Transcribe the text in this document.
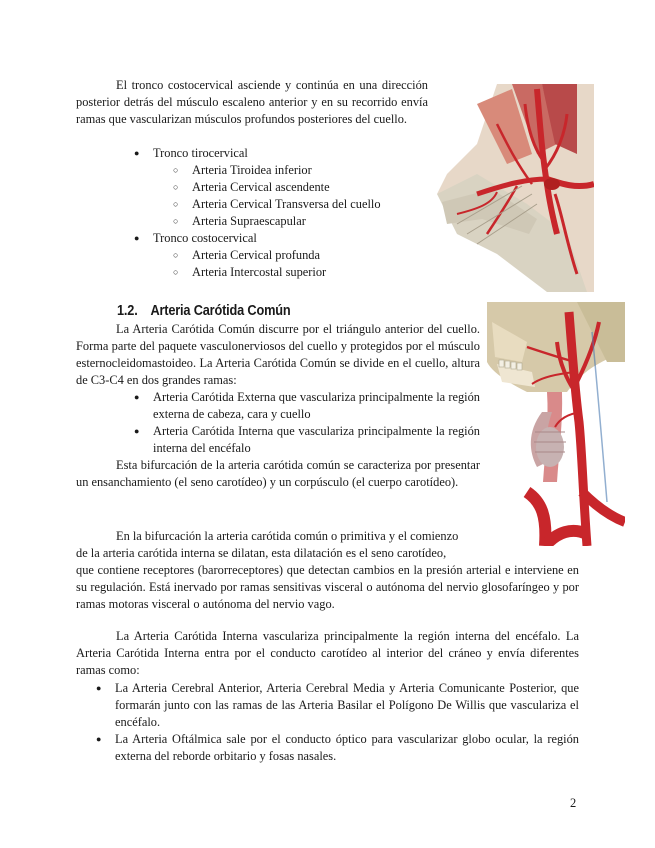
El tronco costocervical asciende y continúa en una dirección posterior detrás del músculo escaleno anterior y en su recorrido envía ramas que vascularizan músculos profundos posteriores del cuello.

● Tronco tirocervical
○ Arteria Tiroidea inferior
○ Arteria Cervical ascendente
○ Arteria Cervical Transversa del cuello
○ Arteria Supraescapular
● Tronco costocervical
○ Arteria Cervical profunda
○ Arteria Intercostal superior
1.2. Arteria Carótida Común

La Arteria Carótida Común discurre por el triángulo anterior del cuello. Forma parte del paquete vasculonerviosos del cuello y protegidos por el músculo esternocleidomastoideo. La Arteria Carótida Común se divide en el cuello, altura de C3-C4 en dos grandes ramas:

● Arteria Carótida Externa que vascularizа principalmente la región externa de cabeza, cara y cuello
● Arteria Carótida Interna que vasculariza principalmente la región interna del encéfalo

Esta bifurcación de la arteria carótida común se caracteriza por presentar un ensanchamiento (el seno carotídeo) y un corpúsculo (el cuerpo carotídeo).

En la bifurcación la arteria carótida común o primitiva y el comienzo

de la arteria carótida interna se dilatan, esta dilatación es el seno carotídeo,

que contiene receptores (barorreceptores) que detectan cambios en la presión arterial e interviene en su regulación. Está inervado por ramas sensitivas visceral o autónoma del nervio glosofaríngeo y por ramas motoras visceral o autónoma del nervio vago.

La Arteria Carótida Interna vasculariza principalmente la región interna del encéfalo. La Arteria Carótida Interna entra por el conducto carotídeo al interior del cráneo y envía diferentes ramas como:

● La Arteria Cerebral Anterior, Arteria Cerebral Media y Arteria Comunicante Posterior, que formarán junto con las ramas de las Arteria Basilar el Polígono De Willis que vasculariza el encéfalo.
● La Arteria Oftálmica sale por el conducto óptico para vascularizar globo ocular, la región externa del reborde orbitario y fosas nasales.
2
